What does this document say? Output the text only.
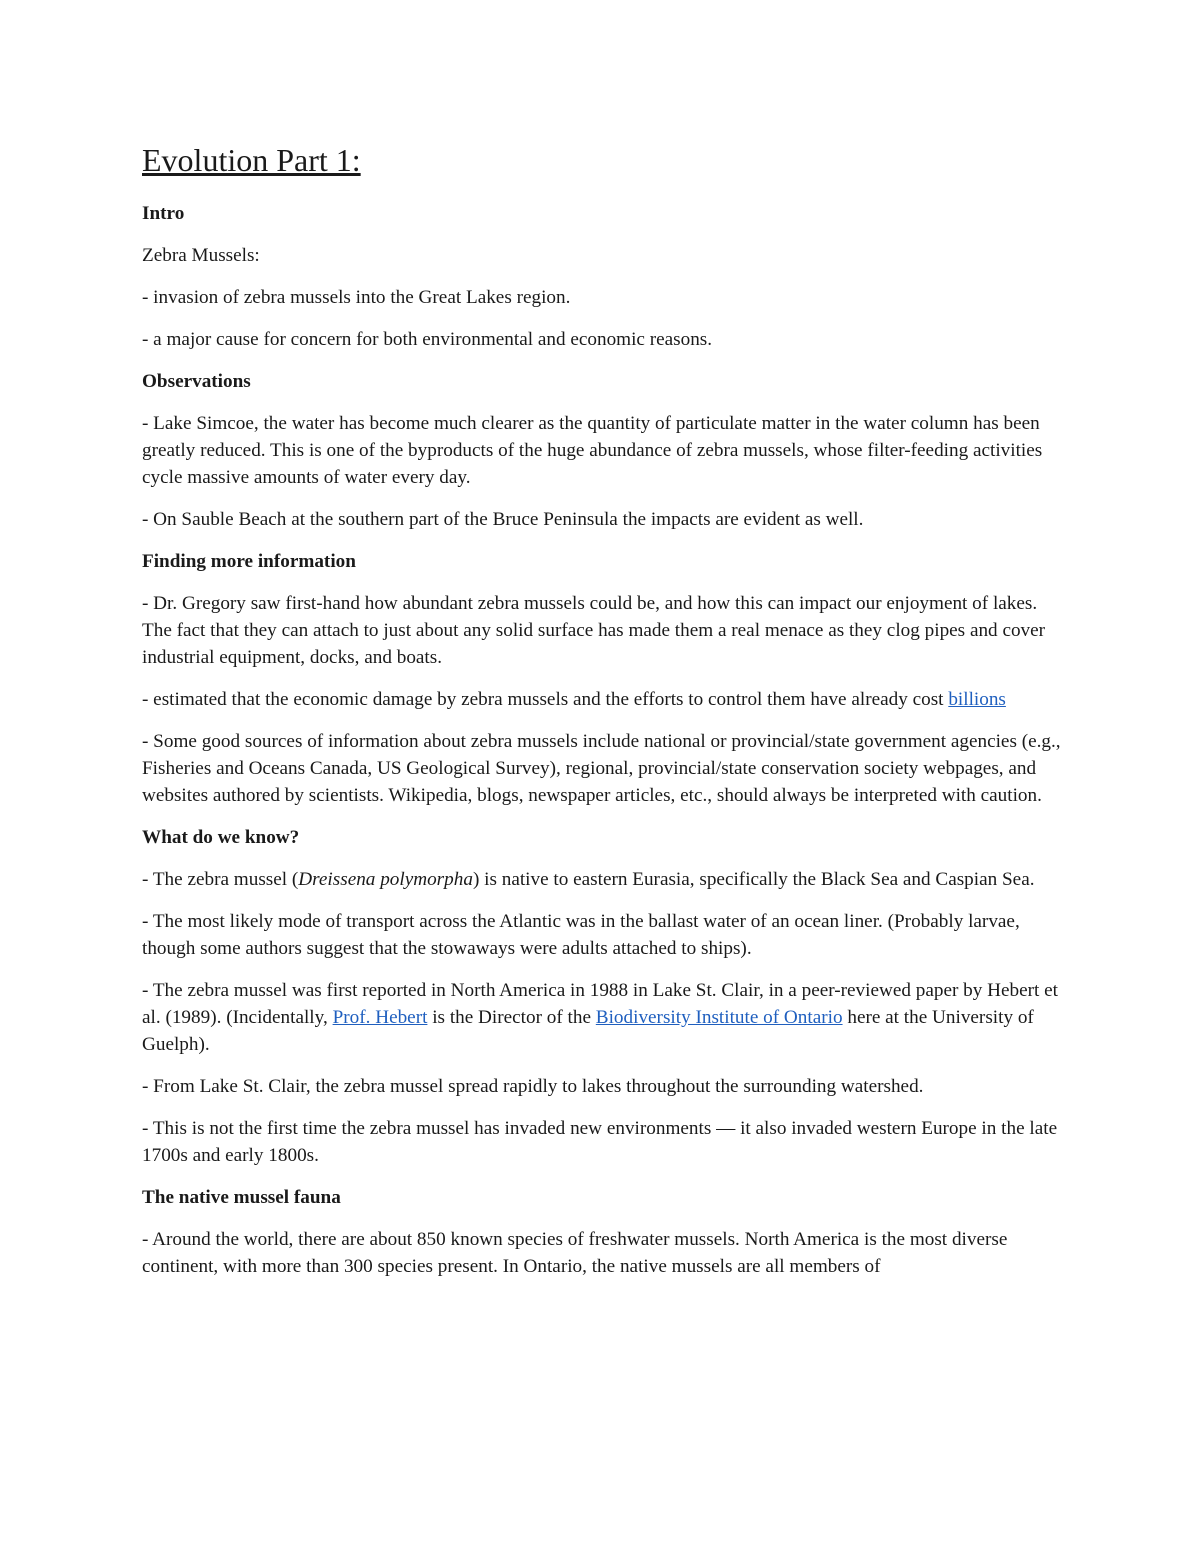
Evolution Part 1:

Intro

Zebra Mussels:

- invasion of zebra mussels into the Great Lakes region.

- a major cause for concern for both environmental and economic reasons.

Observations

- Lake Simcoe, the water has become much clearer as the quantity of particulate matter in the water column has been greatly reduced. This is one of the byproducts of the huge abundance of zebra mussels, whose filter-feeding activities cycle massive amounts of water every day.

- On Sauble Beach at the southern part of the Bruce Peninsula the impacts are evident as well.

Finding more information

- Dr. Gregory saw first-hand how abundant zebra mussels could be, and how this can impact our enjoyment of lakes. The fact that they can attach to just about any solid surface has made them a real menace as they clog pipes and cover industrial equipment, docks, and boats.

- estimated that the economic damage by zebra mussels and the efforts to control them have already cost billions

- Some good sources of information about zebra mussels include national or provincial/state government agencies (e.g., Fisheries and Oceans Canada, US Geological Survey), regional, provincial/state conservation society webpages, and websites authored by scientists. Wikipedia, blogs, newspaper articles, etc., should always be interpreted with caution.

What do we know?

- The zebra mussel (Dreissena polymorpha) is native to eastern Eurasia, specifically the Black Sea and Caspian Sea.

- The most likely mode of transport across the Atlantic was in the ballast water of an ocean liner. (Probably larvae, though some authors suggest that the stowaways were adults attached to ships).

- The zebra mussel was first reported in North America in 1988 in Lake St. Clair, in a peer-reviewed paper by Hebert et al. (1989). (Incidentally, Prof. Hebert is the Director of the Biodiversity Institute of Ontario here at the University of Guelph).

- From Lake St. Clair, the zebra mussel spread rapidly to lakes throughout the surrounding watershed.

- This is not the first time the zebra mussel has invaded new environments — it also invaded western Europe in the late 1700s and early 1800s.

The native mussel fauna

- Around the world, there are about 850 known species of freshwater mussels. North America is the most diverse continent, with more than 300 species present. In Ontario, the native mussels are all members of
